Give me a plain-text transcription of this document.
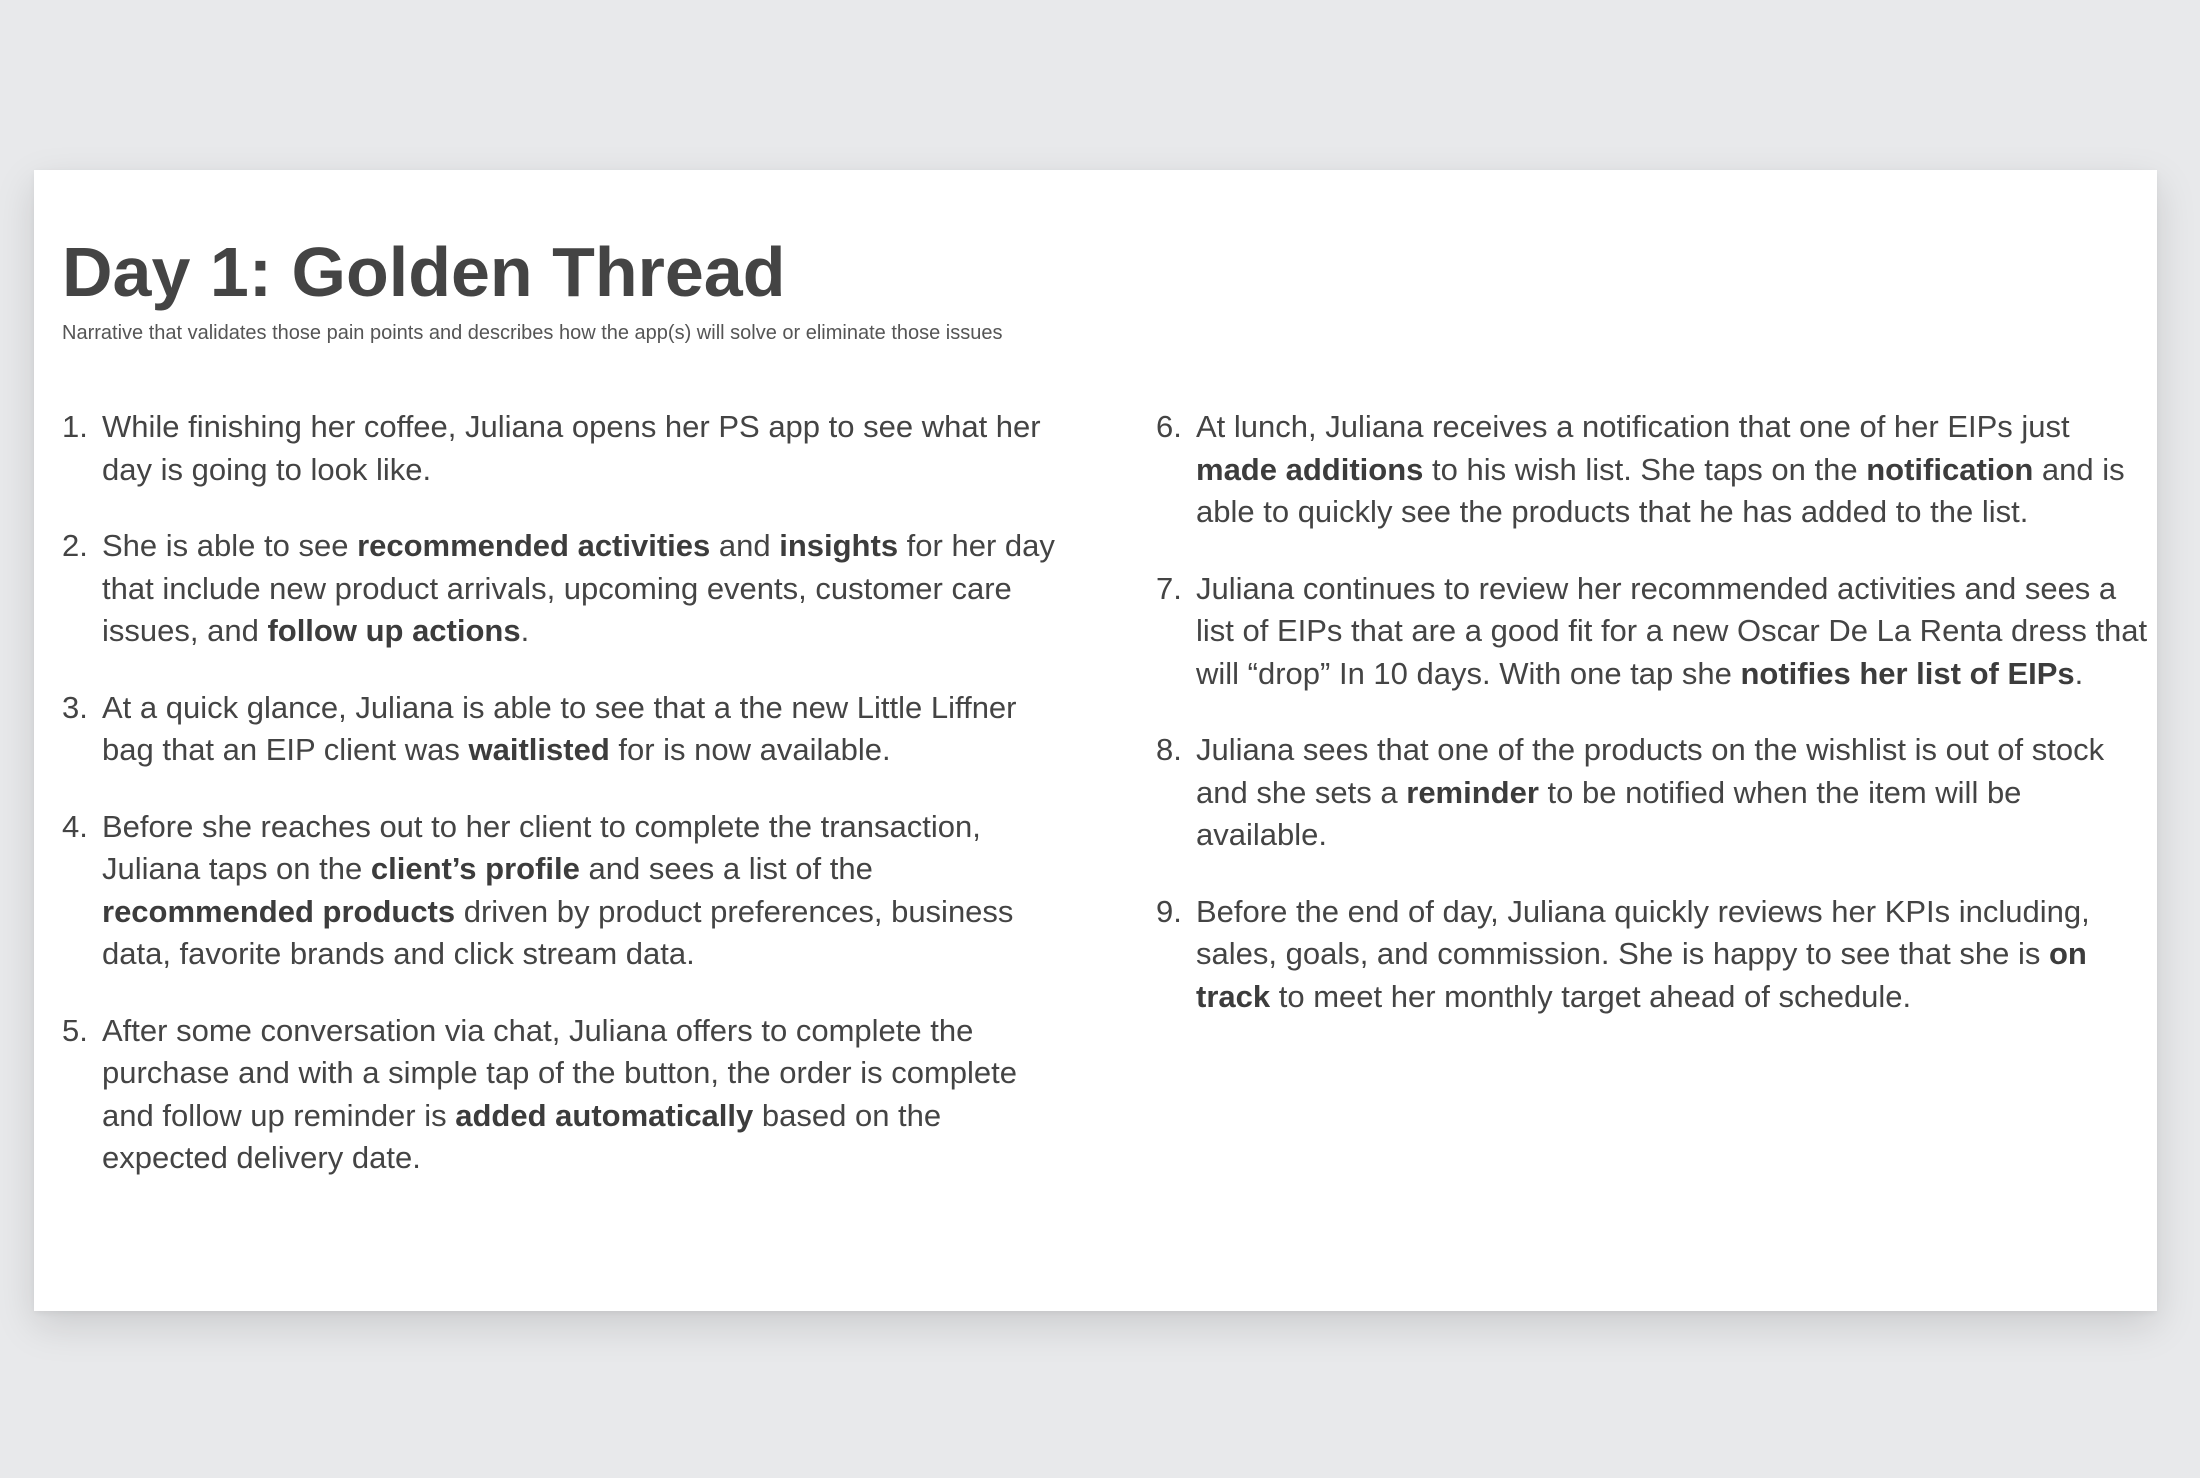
Day 1: Golden Thread

Narrative that validates those pain points and describes how the app(s) will solve or eliminate those issues

1. While finishing her coffee, Juliana opens her PS app to see what her day is going to look like.
2. She is able to see recommended activities and insights for her day that include new product arrivals, upcoming events, customer care issues, and follow up actions.
3. At a quick glance, Juliana is able to see that a the new Little Liffner bag that an EIP client was waitlisted for is now available.
4. Before she reaches out to her client to complete the transaction, Juliana taps on the client’s profile and sees a list of the recommended products driven by product preferences, business data, favorite brands and click stream data.
5. After some conversation via chat, Juliana offers to complete the purchase and with a simple tap of the button, the order is complete and follow up reminder is added automatically based on the expected delivery date.
6. At lunch, Juliana receives a notification that one of her EIPs just made additions to his wish list. She taps on the notification and is able to quickly see the products that he has added to the list.
7. Juliana continues to review her recommended activities and sees a list of EIPs that are a good fit for a new Oscar De La Renta dress that will “drop” In 10 days. With one tap she notifies her list of EIPs.
8. Juliana sees that one of the products on the wishlist is out of stock and she sets a reminder to be notified when the item will be available.
9. Before the end of day, Juliana quickly reviews her KPIs including, sales, goals, and commission. She is happy to see that she is on track to meet her monthly target ahead of schedule.
